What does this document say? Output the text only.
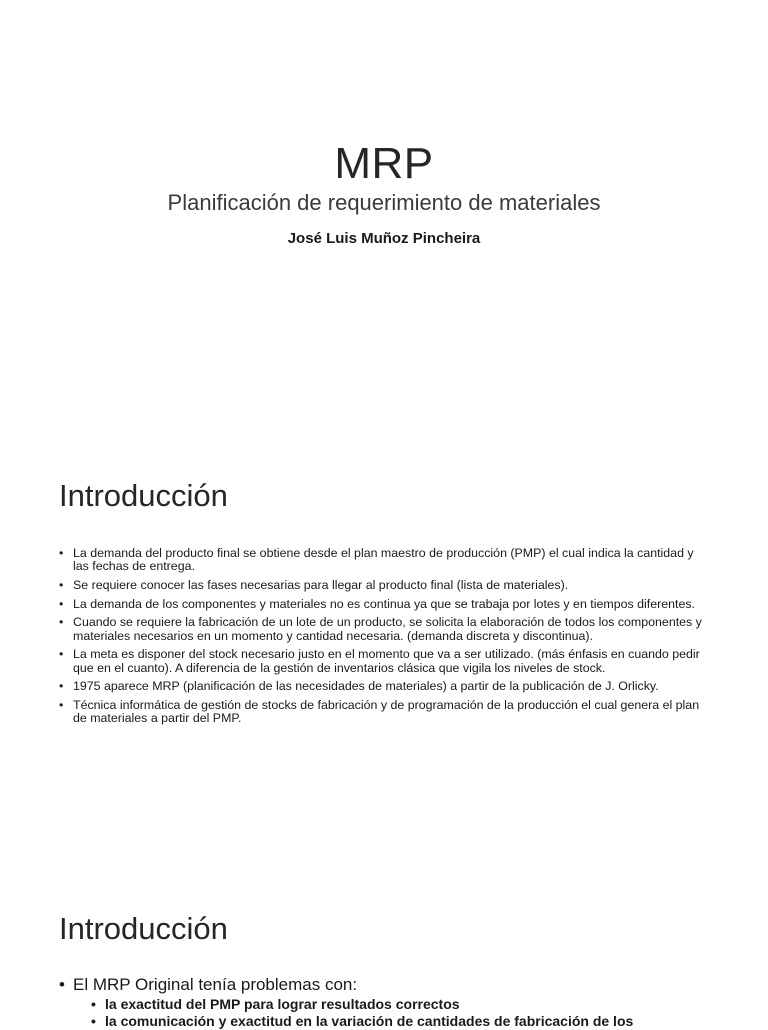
MRP
Planificación de requerimiento de materiales
José Luis Muñoz Pincheira
Introducción
• La demanda del producto final se obtiene desde el plan maestro de producción (PMP) el cual indica la cantidad y las fechas de entrega.
• Se requiere conocer las fases necesarias para llegar al producto final (lista de materiales).
• La demanda de los componentes y materiales no es continua ya que se trabaja por lotes y en tiempos diferentes.
• Cuando se requiere la fabricación de un lote de un producto, se solicita la elaboración de todos los componentes y materiales necesarios en un momento y cantidad necesaria. (demanda discreta y discontinua).
• La meta es disponer del stock necesario justo en el momento que va a ser utilizado. (más énfasis en cuando pedir que en el cuanto). A diferencia de la gestión de inventarios clásica que vigila los niveles de stock.
• 1975 aparece MRP (planificación de las necesidades de materiales) a partir de la publicación de J. Orlicky.
• Técnica informática de gestión de stocks de fabricación y de programación de la producción el cual genera el plan de materiales a partir del PMP.
Introducción
• El MRP Original tenía problemas con:
• la exactitud del PMP para lograr resultados correctos
• la comunicación y exactitud en la variación de cantidades de fabricación de los
